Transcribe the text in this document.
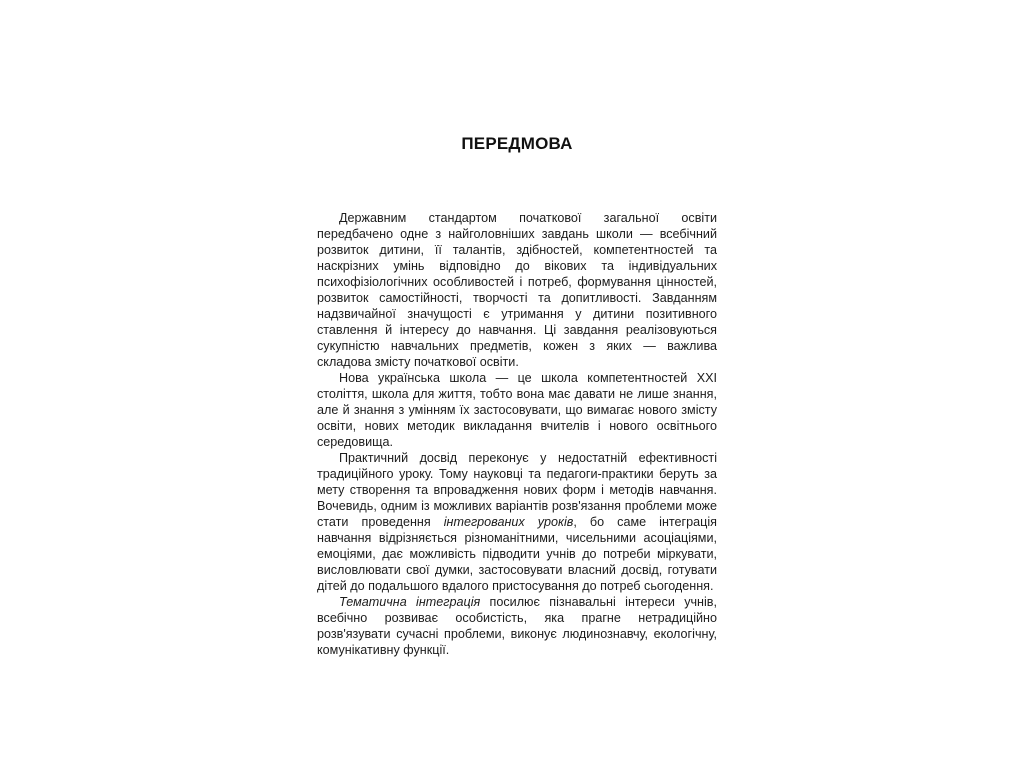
ПЕРЕДМОВА

Державним стандартом початкової загальної освіти передбачено одне з найголовніших завдань школи — всебічний розвиток дитини, її талантів, здібностей, компетентностей та наскрізних умінь відповідно до вікових та індивідуальних психофізіологічних особливостей і потреб, формування цінностей, розвиток самостійності, творчості та допитливості. Завданням надзвичайної значущості є утримання у дитини позитивного ставлення й інтересу до навчання. Ці завдання реалізовуються сукупністю навчальних предметів, кожен з яких — важлива складова змісту початкової освіти.

Нова українська школа — це школа компетентностей XXI століття, школа для життя, тобто вона має давати не лише знання, але й знання з умінням їх застосовувати, що вимагає нового змісту освіти, нових методик викладання вчителів і нового освітнього середовища.

Практичний досвід переконує у недостатній ефективності традиційного уроку. Тому науковці та педагоги-практики беруть за мету створення та впровадження нових форм і методів навчання. Вочевидь, одним із можливих варіантів розв'язання проблеми може стати проведення інтегрованих уроків, бо саме інтеграція навчання відрізняється різноманітними, чисельними асоціаціями, емоціями, дає можливість підводити учнів до потреби міркувати, висловлювати свої думки, застосовувати власний досвід, готувати дітей до подальшого вдалого пристосування до потреб сьогодення.

Тематична інтеграція посилює пізнавальні інтереси учнів, всебічно розвиває особистість, яка прагне нетрадиційно розв'язувати сучасні проблеми, виконує людинознавчу, екологічну, комунікативну функції.
